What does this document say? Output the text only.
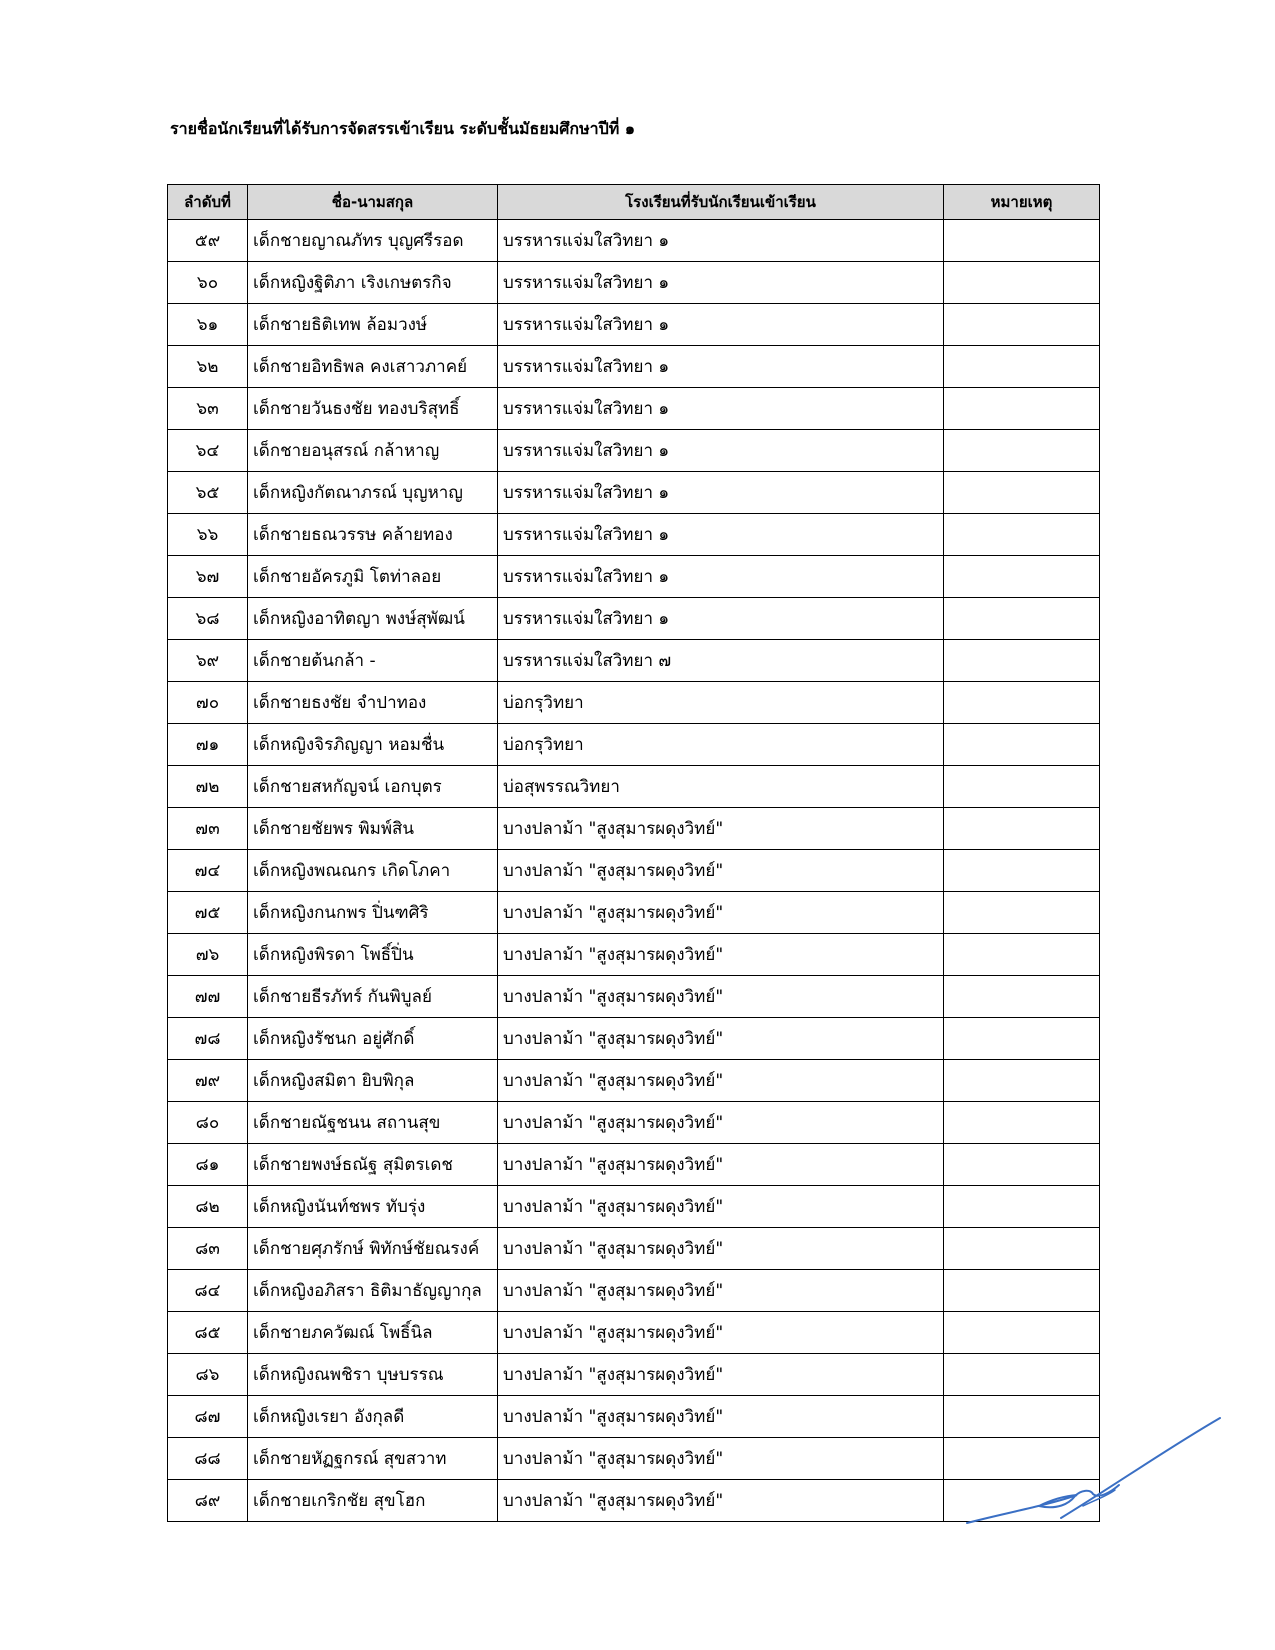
รายชื่อนักเรียนที่ได้รับการจัดสรรเข้าเรียน ระดับชั้นมัธยมศึกษาปีที่ ๑
ลำดับที่	ชื่อ-นามสกุล	โรงเรียนที่รับนักเรียนเข้าเรียน	หมายเหตุ
๕๙	เด็กชายญาณภัทร บุญศรีรอด	บรรหารแจ่มใสวิทยา ๑	
๖๐	เด็กหญิงฐิติภา เริงเกษตรกิจ	บรรหารแจ่มใสวิทยา ๑	
๖๑	เด็กชายธิติเทพ ล้อมวงษ์	บรรหารแจ่มใสวิทยา ๑	
๖๒	เด็กชายอิทธิพล คงเสาวภาคย์	บรรหารแจ่มใสวิทยา ๑	
๖๓	เด็กชายวันธงชัย ทองบริสุทธิ์	บรรหารแจ่มใสวิทยา ๑	
๖๔	เด็กชายอนุสรณ์ กล้าหาญ	บรรหารแจ่มใสวิทยา ๑	
๖๕	เด็กหญิงกัตณาภรณ์ บุญหาญ	บรรหารแจ่มใสวิทยา ๑	
๖๖	เด็กชายธณวรรษ คล้ายทอง	บรรหารแจ่มใสวิทยา ๑	
๖๗	เด็กชายอัครภูมิ โตท่าลอย	บรรหารแจ่มใสวิทยา ๑	
๖๘	เด็กหญิงอาทิตญา พงษ์สุพัฒน์	บรรหารแจ่มใสวิทยา ๑	
๖๙	เด็กชายต้นกล้า -	บรรหารแจ่มใสวิทยา ๗	
๗๐	เด็กชายธงชัย จำปาทอง	บ่อกรุวิทยา	
๗๑	เด็กหญิงจิรภิญญา หอมชื่น	บ่อกรุวิทยา	
๗๒	เด็กชายสหกัญจน์ เอกบุตร	บ่อสุพรรณวิทยา	
๗๓	เด็กชายชัยพร พิมพ์สิน	บางปลาม้า "สูงสุมารผดุงวิทย์"	
๗๔	เด็กหญิงพณณกร เกิดโภคา	บางปลาม้า "สูงสุมารผดุงวิทย์"	
๗๕	เด็กหญิงกนกพร ปิ่นฑศิริ	บางปลาม้า "สูงสุมารผดุงวิทย์"	
๗๖	เด็กหญิงพิรดา โพธิ์ปิ่น	บางปลาม้า "สูงสุมารผดุงวิทย์"	
๗๗	เด็กชายธีรภัทร์ กันพิบูลย์	บางปลาม้า "สูงสุมารผดุงวิทย์"	
๗๘	เด็กหญิงรัชนก อยู่ศักดิ์	บางปลาม้า "สูงสุมารผดุงวิทย์"	
๗๙	เด็กหญิงสมิตา ยิบพิกุล	บางปลาม้า "สูงสุมารผดุงวิทย์"	
๘๐	เด็กชายณัฐชนน สถานสุข	บางปลาม้า "สูงสุมารผดุงวิทย์"	
๘๑	เด็กชายพงษ์ธณัฐ สุมิตรเดช	บางปลาม้า "สูงสุมารผดุงวิทย์"	
๘๒	เด็กหญิงนันท์ชพร ทับรุ่ง	บางปลาม้า "สูงสุมารผดุงวิทย์"	
๘๓	เด็กชายศุภรักษ์ พิทักษ์ชัยณรงค์	บางปลาม้า "สูงสุมารผดุงวิทย์"	
๘๔	เด็กหญิงอภิสรา ธิติมาธัญญากุล	บางปลาม้า "สูงสุมารผดุงวิทย์"	
๘๕	เด็กชายภควัฒณ์ โพธิ์นิล	บางปลาม้า "สูงสุมารผดุงวิทย์"	
๘๖	เด็กหญิงณพชิรา บุษบรรณ	บางปลาม้า "สูงสุมารผดุงวิทย์"	
๘๗	เด็กหญิงเรยา อังกุลดี	บางปลาม้า "สูงสุมารผดุงวิทย์"	
๘๘	เด็กชายหัฏฐกรณ์ สุขสวาท	บางปลาม้า "สูงสุมารผดุงวิทย์"	
๘๙	เด็กชายเกริกชัย สุขโฮก	บางปลาม้า "สูงสุมารผดุงวิทย์"	
